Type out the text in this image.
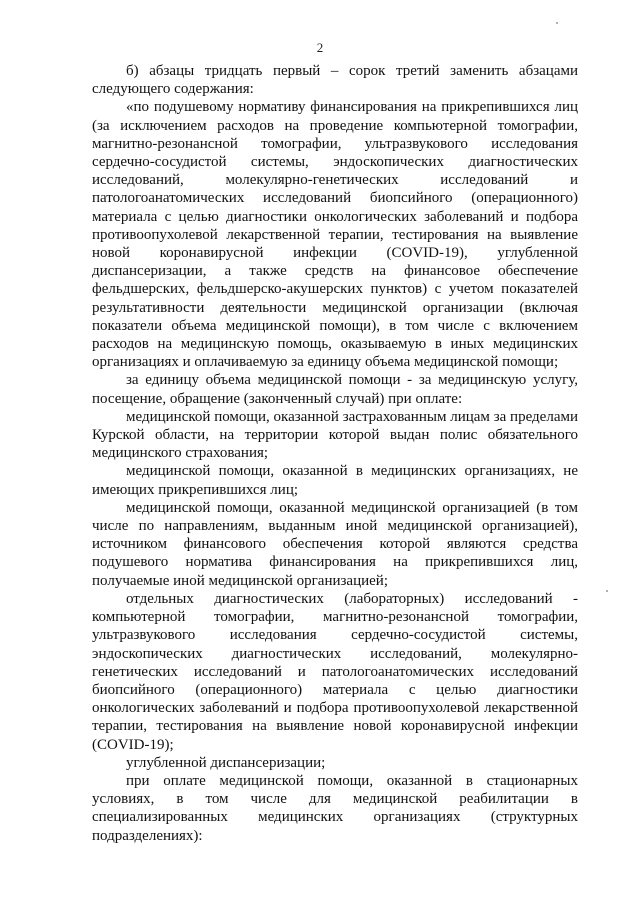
2

б) абзацы тридцать первый – сорок третий заменить абзацами следующего содержания:

«по подушевому нормативу финансирования на прикрепившихся лиц (за исключением расходов на проведение компьютерной томографии, магнитно-резонансной томографии, ультразвукового исследования сердечно-сосудистой системы, эндоскопических диагностических исследований, молекулярно-генетических исследований и патологоанатомических исследований биопсийного (операционного) материала с целью диагностики онкологических заболеваний и подбора противоопухолевой лекарственной терапии, тестирования на выявление новой коронавирусной инфекции (COVID-19), углубленной диспансеризации, а также средств на финансовое обеспечение фельдшерских, фельдшерско-акушерских пунктов) с учетом показателей результативности деятельности медицинской организации (включая показатели объема медицинской помощи), в том числе с включением расходов на медицинскую помощь, оказываемую в иных медицинских организациях и оплачиваемую за единицу объема медицинской помощи;

за единицу объема медицинской помощи - за медицинскую услугу, посещение, обращение (законченный случай) при оплате:

медицинской помощи, оказанной застрахованным лицам за пределами Курской области, на территории которой выдан полис обязательного медицинского страхования;

медицинской помощи, оказанной в медицинских организациях, не имеющих прикрепившихся лиц;

медицинской помощи, оказанной медицинской организацией (в том числе по направлениям, выданным иной медицинской организацией), источником финансового обеспечения которой являются средства подушевого норматива финансирования на прикрепившихся лиц, получаемые иной медицинской организацией;

отдельных диагностических (лабораторных) исследований - компьютерной томографии, магнитно-резонансной томографии, ультразвукового исследования сердечно-сосудистой системы, эндоскопических диагностических исследований, молекулярно-генетических исследований и патологоанатомических исследований биопсийного (операционного) материала с целью диагностики онкологических заболеваний и подбора противоопухолевой лекарственной терапии, тестирования на выявление новой коронавирусной инфекции (COVID-19);

углубленной диспансеризации;

при оплате медицинской помощи, оказанной в стационарных условиях, в том числе для медицинской реабилитации в специализированных медицинских организациях (структурных подразделениях):
